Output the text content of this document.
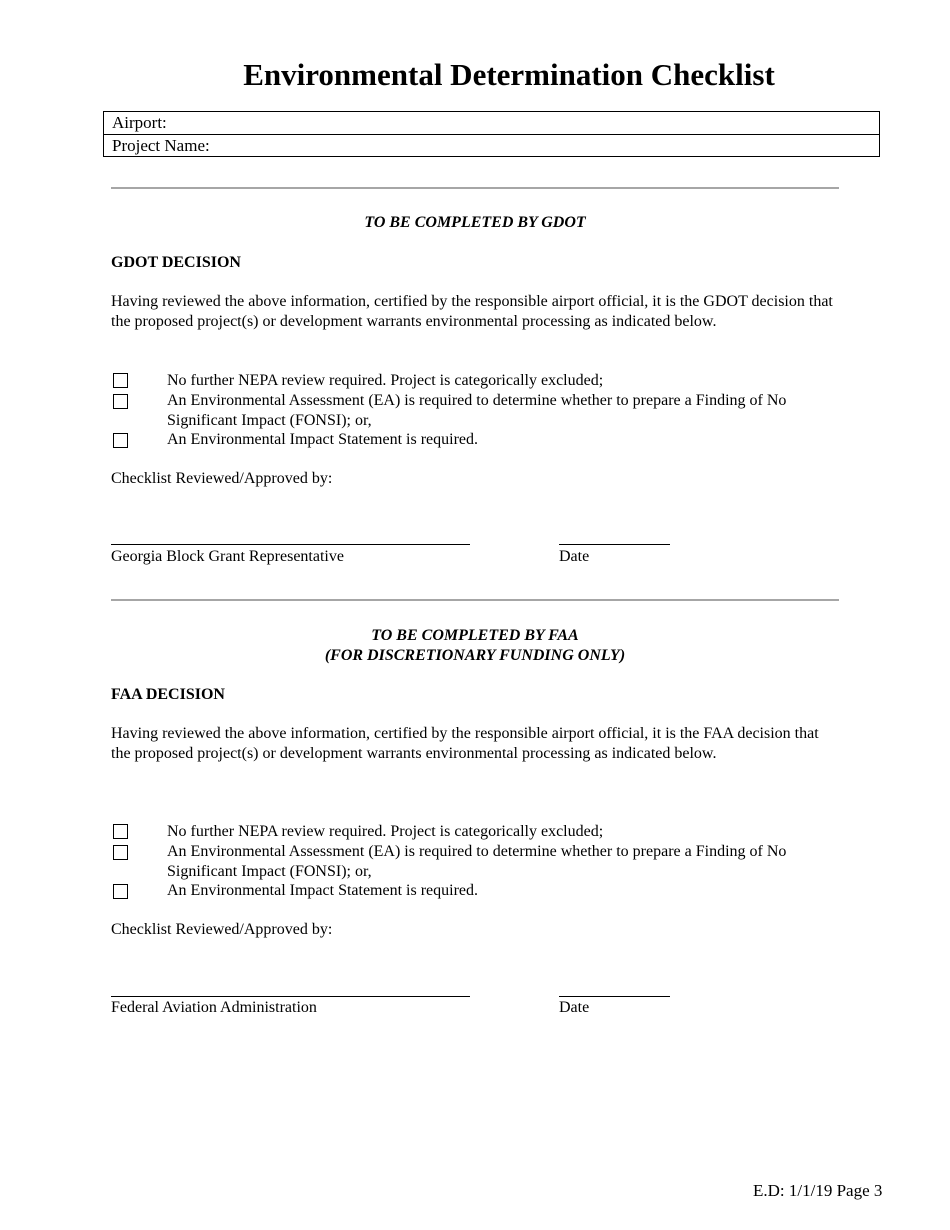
Environmental Determination Checklist
Airport:
Project Name:
TO BE COMPLETED BY GDOT
GDOT DECISION
Having reviewed the above information, certified by the responsible airport official, it is the GDOT decision that the proposed project(s) or development warrants environmental processing as indicated below.
No further NEPA review required. Project is categorically excluded;
An Environmental Assessment (EA) is required to determine whether to prepare a Finding of No Significant Impact (FONSI); or,
An Environmental Impact Statement is required.
Checklist Reviewed/Approved by:
Georgia Block Grant Representative	Date
TO BE COMPLETED BY FAA
(FOR DISCRETIONARY FUNDING ONLY)
FAA DECISION
Having reviewed the above information, certified by the responsible airport official, it is the FAA decision that the proposed project(s) or development warrants environmental processing as indicated below.
No further NEPA review required. Project is categorically excluded;
An Environmental Assessment (EA) is required to determine whether to prepare a Finding of No Significant Impact (FONSI); or,
An Environmental Impact Statement is required.
Checklist Reviewed/Approved by:
Federal Aviation Administration	Date
E.D: 1/1/19 Page 3
